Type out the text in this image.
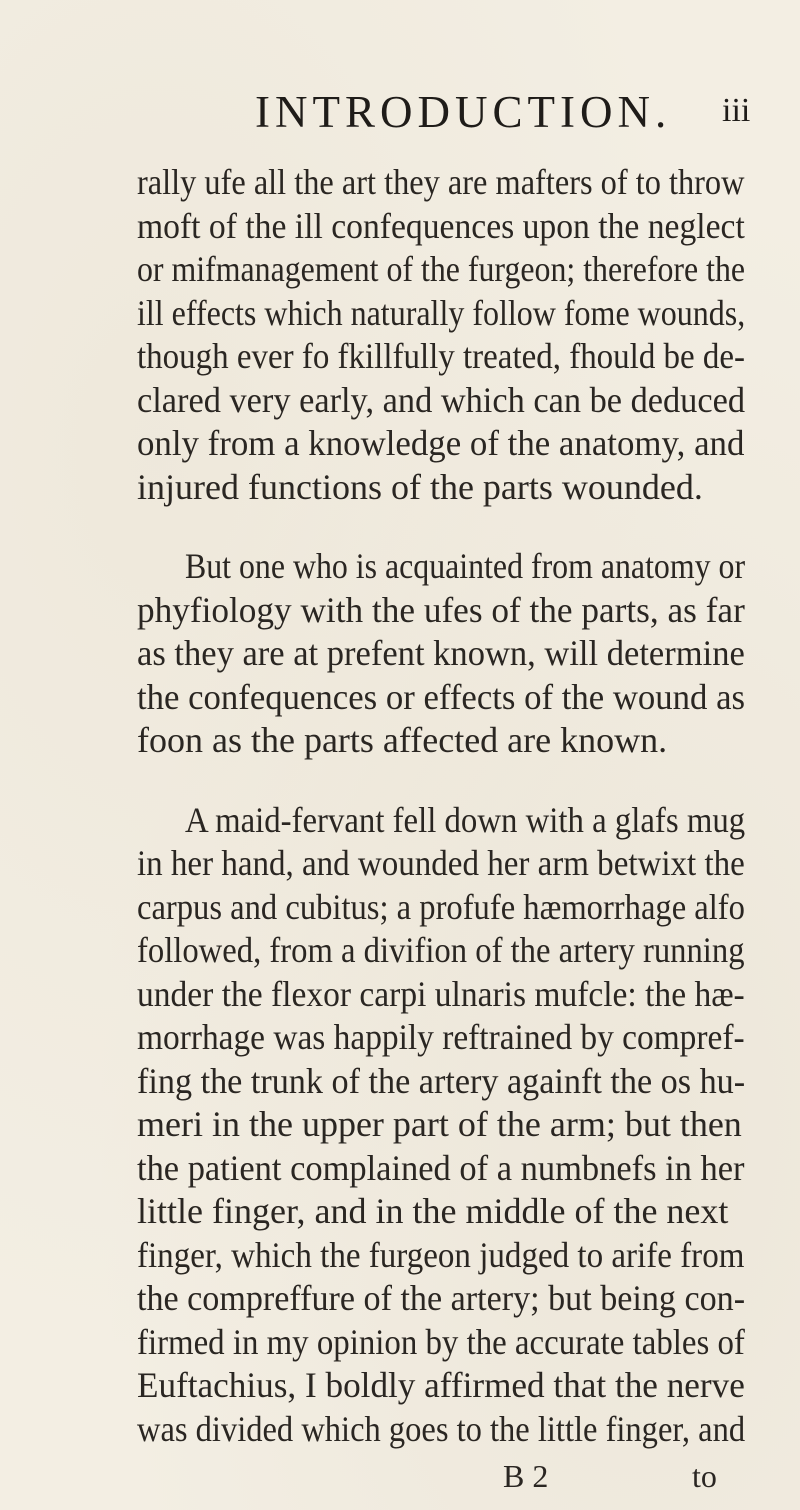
INTRODUCTION. iii
rally ufe all the art they are mafters of to throw
moft of the ill confequences upon the neglect
or mifmanagement of the furgeon; therefore the
ill effects which naturally follow fome wounds,
though ever fo fkillfully treated, fhould be de-
clared very early, and which can be deduced
only from a knowledge of the anatomy, and
injured functions of the parts wounded.
But one who is acquainted from anatomy or
phyfiology with the ufes of the parts, as far
as they are at prefent known, will determine
the confequences or effects of the wound as
foon as the parts affected are known.
A maid-fervant fell down with a glafs mug
in her hand, and wounded her arm betwixt the
carpus and cubitus; a profufe hæmorrhage alfo
followed, from a divifion of the artery running
under the flexor carpi ulnaris mufcle: the hæ-
morrhage was happily reftrained by compref-
fing the trunk of the artery againft the os hu-
meri in the upper part of the arm; but then
the patient complained of a numbnefs in her
little finger, and in the middle of the next
finger, which the furgeon judged to arife from
the compreffure of the artery; but being con-
firmed in my opinion by the accurate tables of
Euftachius, I boldly affirmed that the nerve
was divided which goes to the little finger, and
B 2	to
